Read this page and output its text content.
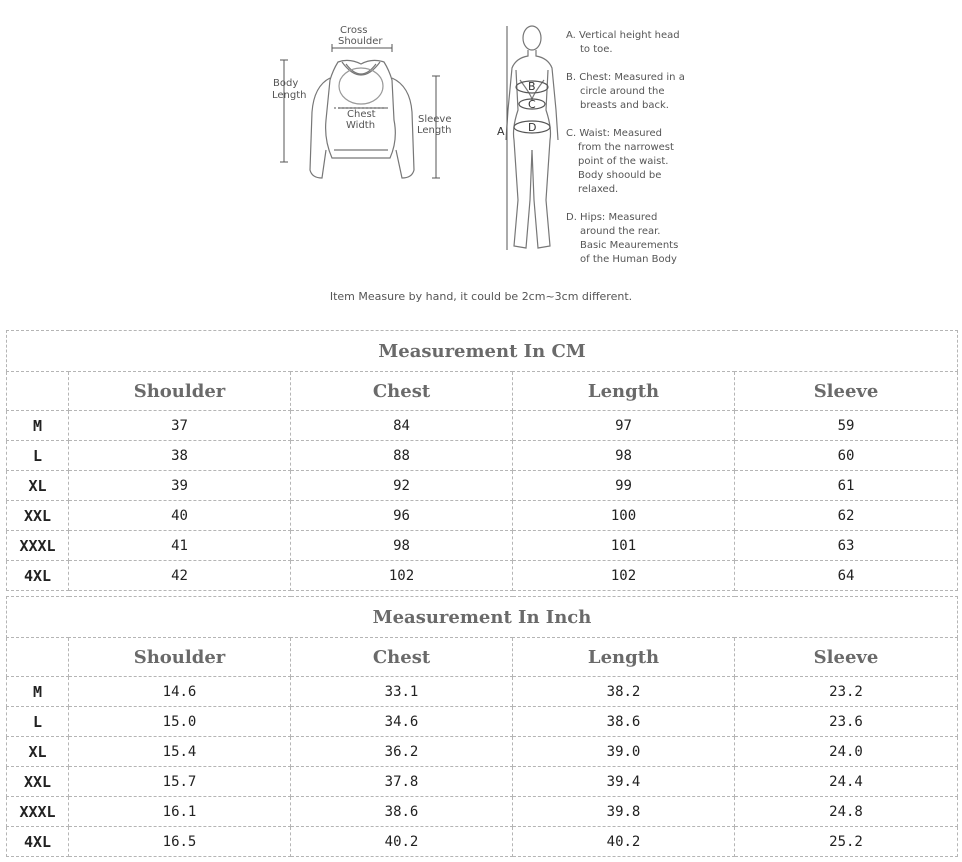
Cross
Shoulder
Body
Length
Chest
Width
Sleeve
Length	A
B
C
D
A. Vertical height head
to toe.
B. Chest: Measured in a
circle around the
breasts and back.
C. Waist: Measured
from the narrowest
point of the waist.
Body shoould be
relaxed.
D. Hips: Measured
around the rear.
Basic Meaurements
of the Human Body
Item Measure by hand, it could be 2cm~3cm different.
Measurement In CM				
	Shoulder	Chest	Length	Sleeve
M	37	84	97	59
L	38	88	98	60
XL	39	92	99	61
XXL	40	96	100	62
XXXL	41	98	101	63
4XL	42	102	102	64
Measurement In Inch				
	Shoulder	Chest	Length	Sleeve
M	14.6	33.1	38.2	23.2
L	15.0	34.6	38.6	23.6
XL	15.4	36.2	39.0	24.0
XXL	15.7	37.8	39.4	24.4
XXXL	16.1	38.6	39.8	24.8
4XL	16.5	40.2	40.2	25.2
